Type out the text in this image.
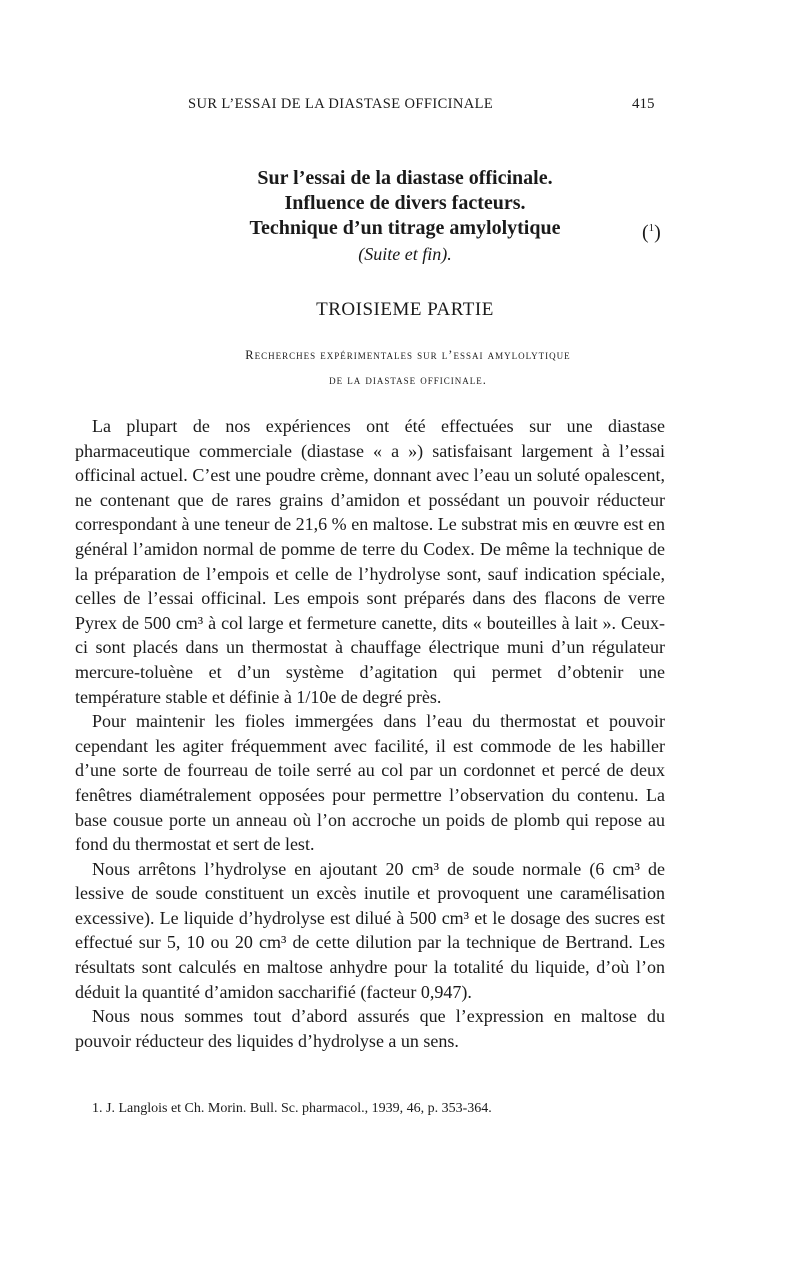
SUR L’ESSAI DE LA DIASTASE OFFICINALE	415
Sur l’essai de la diastase officinale.
Influence de divers facteurs.
Technique d’un titrage amylolytique	($^1$)
(Suite et fin).
TROISIEME PARTIE
Recherches expérimentales sur l’essai amylolytique
de la diastase officinale.

La plupart de nos expériences ont été effectuées sur une diastase pharmaceutique commerciale (diastase « a ») satisfaisant largement à l’essai officinal actuel. C’est une poudre crème, donnant avec l’eau un soluté opalescent, ne contenant que de rares grains d’amidon et possédant un pouvoir réducteur correspondant à une teneur de 21,6 % en maltose. Le substrat mis en œuvre est en général l’amidon normal de pomme de terre du Codex. De même la technique de la préparation de l’empois et celle de l’hydrolyse sont, sauf indication spéciale, celles de l’essai officinal. Les empois sont préparés dans des flacons de verre Pyrex de 500 cm³ à col large et fermeture canette, dits « bouteilles à lait ». Ceux-ci sont placés dans un thermostat à chauffage électrique muni d’un régulateur mercure-toluène et d’un système d’agitation qui permet d’obtenir une température stable et définie à 1/10e de degré près.

Pour maintenir les fioles immergées dans l’eau du thermostat et pouvoir cependant les agiter fréquemment avec facilité, il est commode de les habiller d’une sorte de fourreau de toile serré au col par un cordonnet et percé de deux fenêtres diamétralement opposées pour permettre l’observation du contenu. La base cousue porte un anneau où l’on accroche un poids de plomb qui repose au fond du thermostat et sert de lest.

Nous arrêtons l’hydrolyse en ajoutant 20 cm³ de soude normale (6 cm³ de lessive de soude constituent un excès inutile et provoquent une caramélisation excessive). Le liquide d’hydrolyse est dilué à 500 cm³ et le dosage des sucres est effectué sur 5, 10 ou 20 cm³ de cette dilution par la technique de Bertrand. Les résultats sont calculés en maltose anhydre pour la totalité du liquide, d’où l’on déduit la quantité d’amidon saccharifié (facteur 0,947).

Nous nous sommes tout d’abord assurés que l’expression en maltose du pouvoir réducteur des liquides d’hydrolyse a un sens.

1. J. Langlois et Ch. Morin. Bull. Sc. pharmacol., 1939, 46, p. 353-364.
